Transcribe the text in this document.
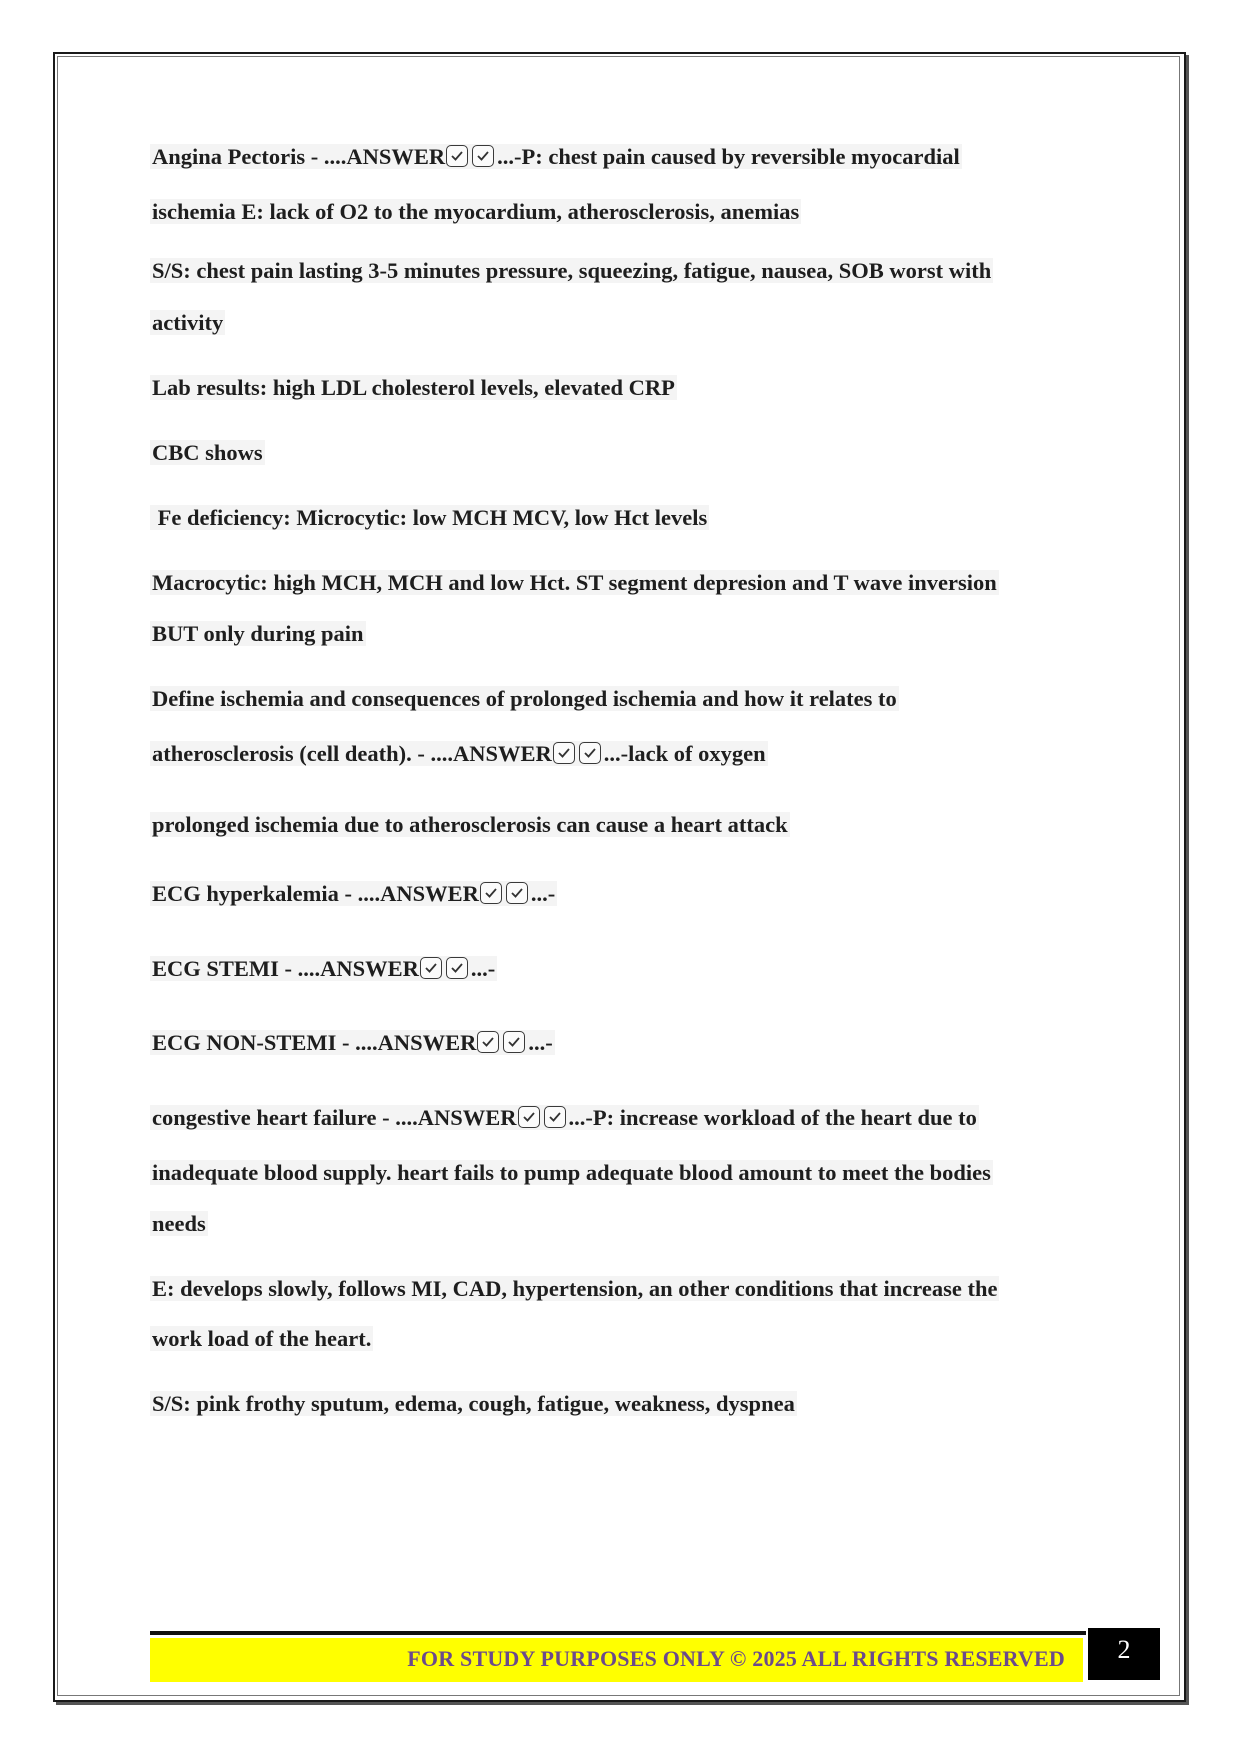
Angina Pectoris - ....ANSWER ...-P: chest pain caused by reversible myocardial
ischemia E: lack of O2 to the myocardium, atherosclerosis, anemias
S/S: chest pain lasting 3-5 minutes pressure, squeezing, fatigue, nausea, SOB worst with
activity
Lab results: high LDL cholesterol levels, elevated CRP
CBC shows
Fe deficiency: Microcytic: low MCH MCV, low Hct levels
Macrocytic: high MCH, MCH and low Hct. ST segment depresion and T wave inversion
BUT only during pain
Define ischemia and consequences of prolonged ischemia and how it relates to
atherosclerosis (cell death). - ....ANSWER ...-lack of oxygen
prolonged ischemia due to atherosclerosis can cause a heart attack
ECG hyperkalemia - ....ANSWER ...-
ECG STEMI - ....ANSWER ...-
ECG NON-STEMI - ....ANSWER ...-
congestive heart failure - ....ANSWER ...-P: increase workload of the heart due to
inadequate blood supply. heart fails to pump adequate blood amount to meet the bodies
needs
E: develops slowly, follows MI, CAD, hypertension, an other conditions that increase the
work load of the heart.
S/S: pink frothy sputum, edema, cough, fatigue, weakness, dyspnea
FOR STUDY PURPOSES ONLY © 2025 ALL RIGHTS RESERVED	2
